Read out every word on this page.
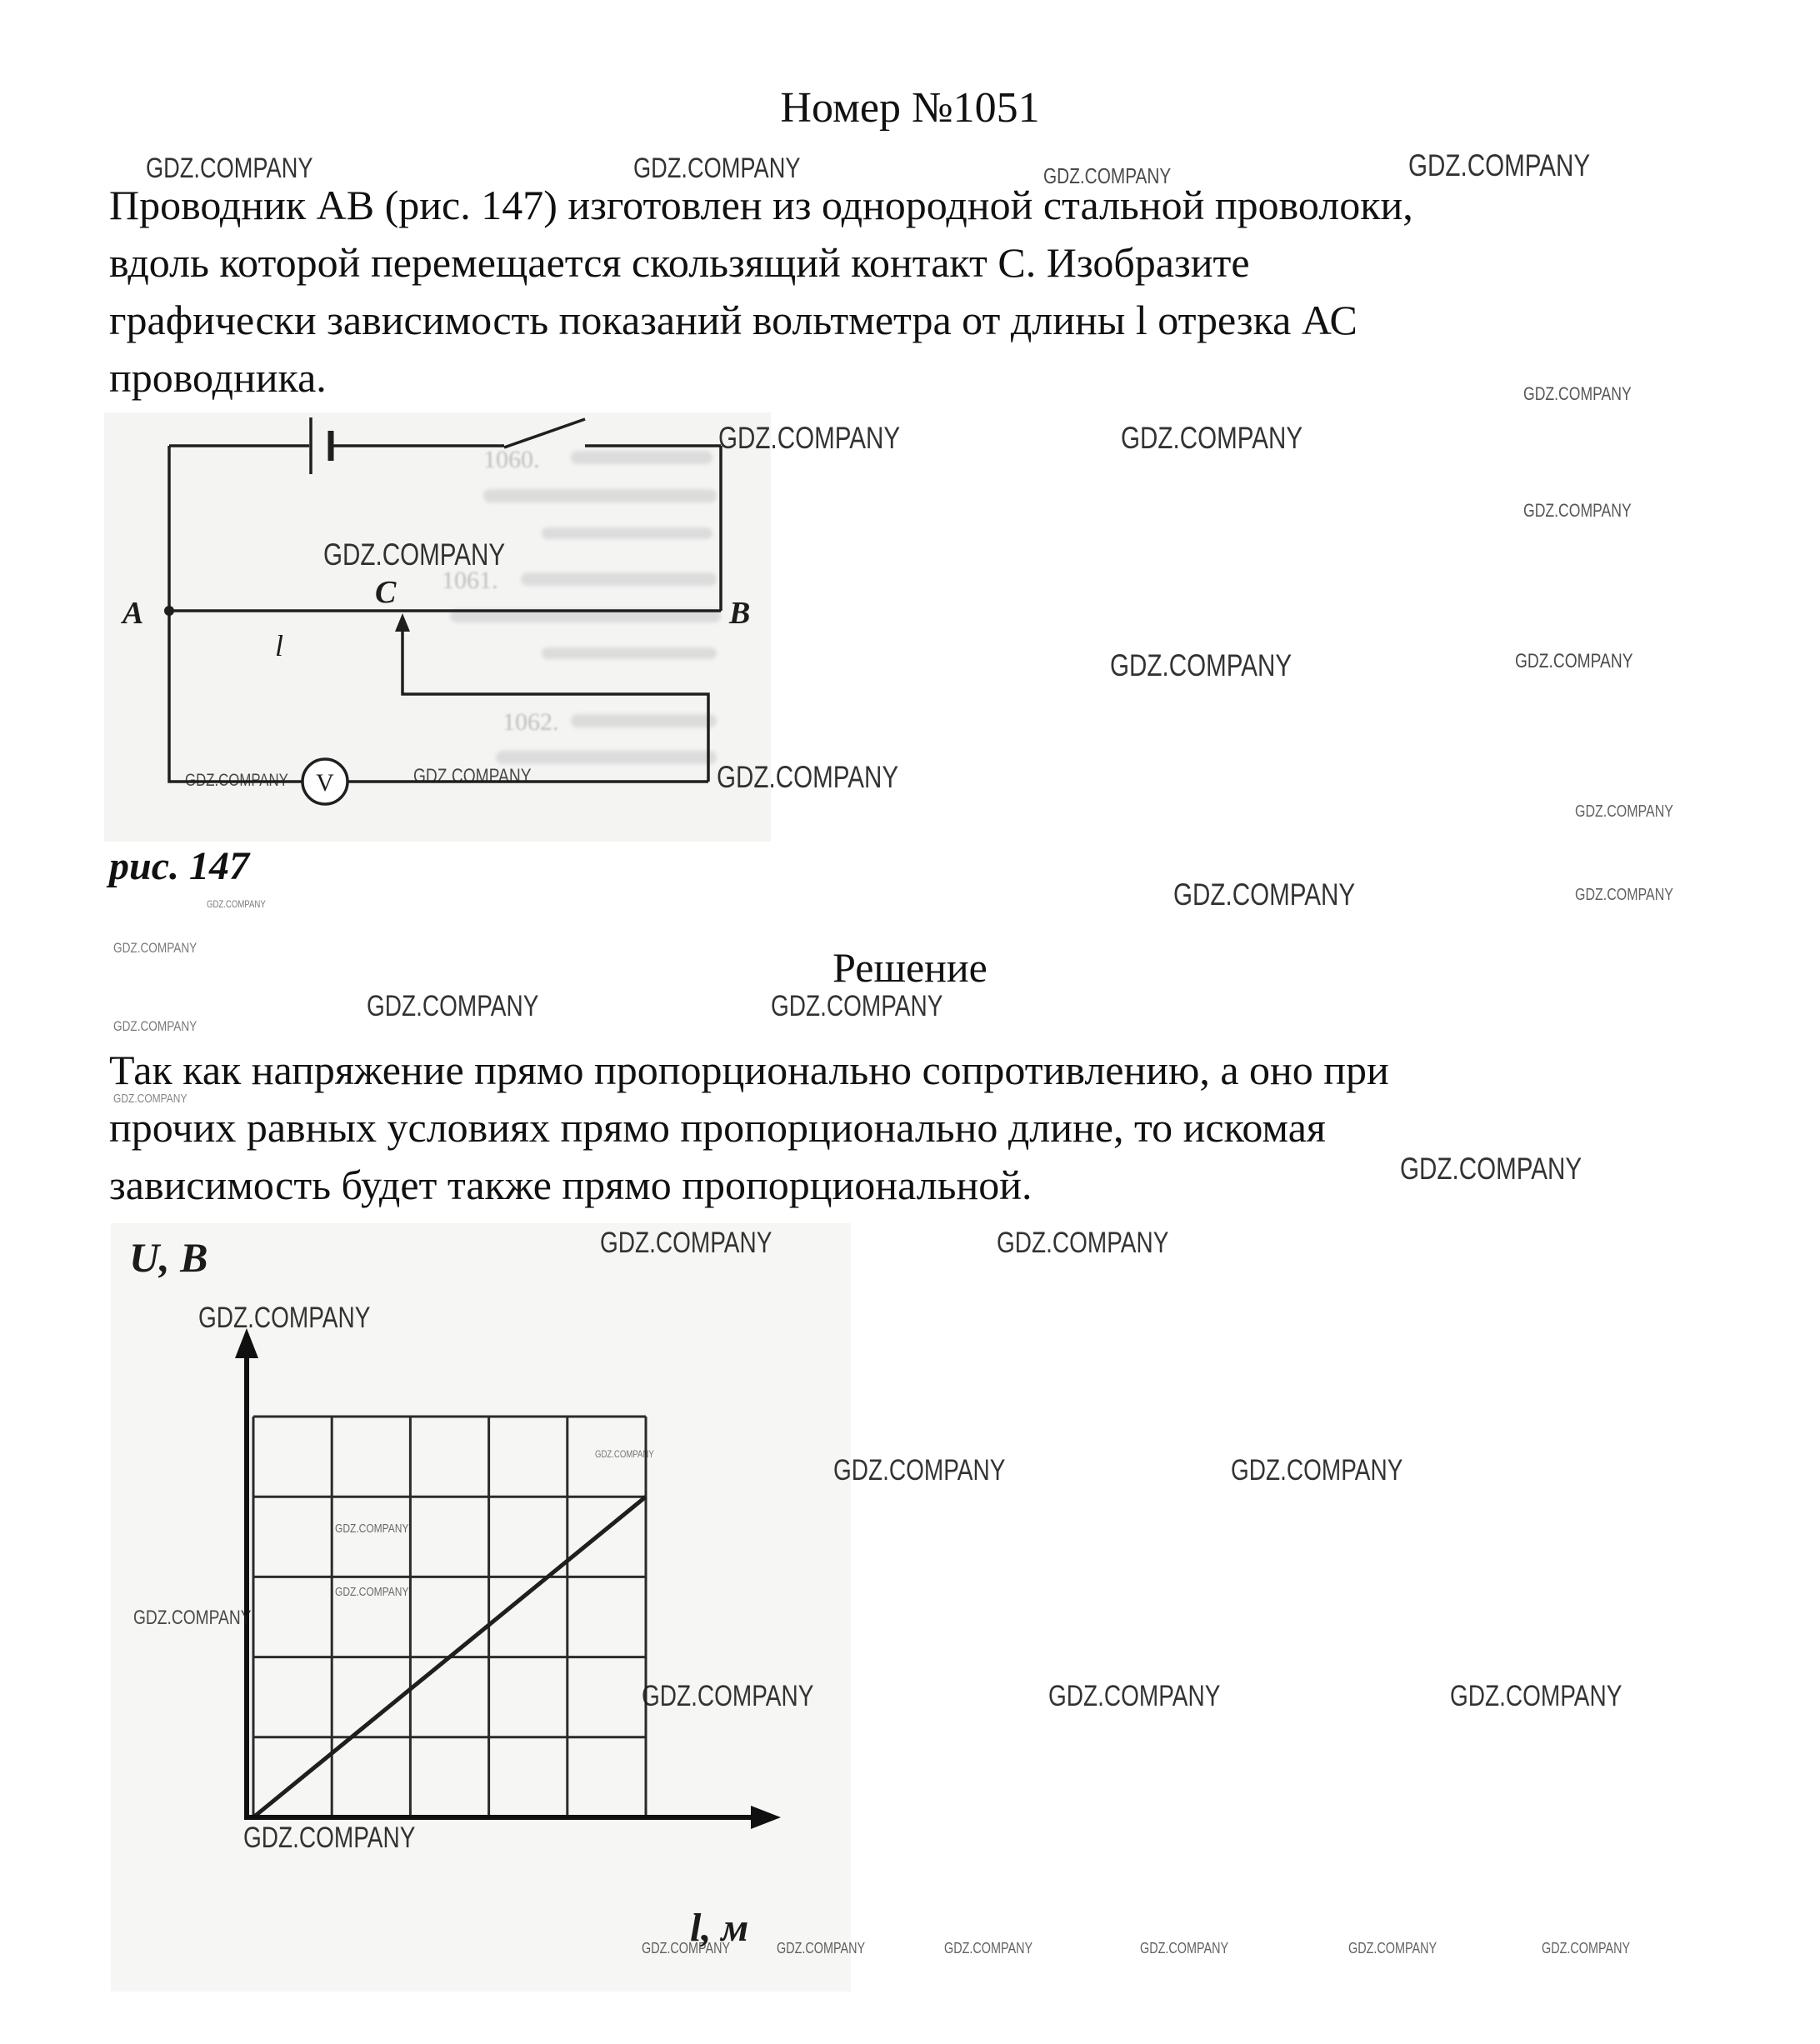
Номер №1051
Проводник АВ (рис. 147) изготовлен из однородной стальной проволоки,
вдоль которой перемещается скользящий контакт С. Изобразите
графически зависимость показаний вольтметра от длины l отрезка АС
проводника.
1060.
1061.
1062.
V
A	B
C
l
рис. 147
Решение
Так как напряжение прямо пропорционально сопротивлению, а оно при
прочих равных условиях прямо пропорционально длине, то искомая
зависимость будет также прямо пропорциональной.
U, В
l, м
GDZ.COMPANY	GDZ.COMPANY	GDZ.COMPANY	GDZ.COMPANY
GDZ.COMPANY	GDZ.COMPANY
GDZ.COMPANY
GDZ.COMPANY
GDZ.COMPANY
GDZ.COMPANY	GDZ.COMPANY
GDZ.COMPANY	GDZ.COMPANY	GDZ.COMPANY
GDZ.COMPANY
GDZ.COMPANY	GDZ.COMPANY
GDZ.COMPANY
GDZ.COMPANY
GDZ.COMPANY	GDZ.COMPANY
GDZ.COMPANY
GDZ.COMPANY
GDZ.COMPANY
GDZ.COMPANY	GDZ.COMPANY
GDZ.COMPANY
GDZ.COMPANY	GDZ.COMPANY
GDZ.COMPANY
GDZ.COMPANY
GDZ.COMPANY
GDZ.COMPANY
GDZ.COMPANY	GDZ.COMPANY	GDZ.COMPANY
GDZ.COMPANY
GDZ.COMPANY	GDZ.COMPANY	GDZ.COMPANY	GDZ.COMPANY	GDZ.COMPANY	GDZ.COMPANY
